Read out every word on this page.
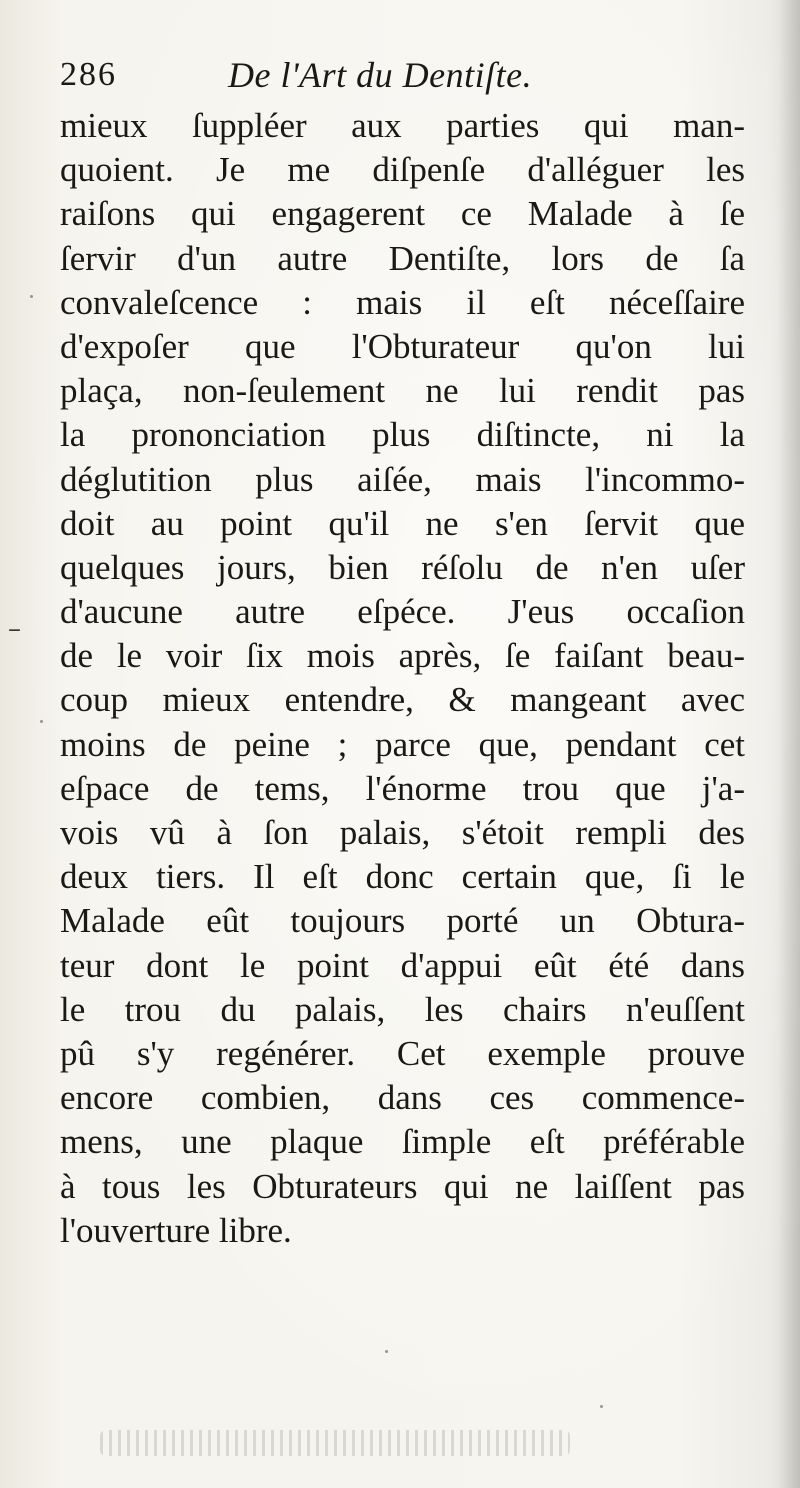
286	De l'Art du Dentiſte.
–
mieux ſuppléer aux parties qui man-
quoient. Je me diſpenſe d'alléguer les
raiſons qui engagerent ce Malade à ſe
ſervir d'un autre Dentiſte, lors de ſa
convaleſcence : mais il eſt néceſſaire
d'expoſer que l'Obturateur qu'on lui
plaça, non-ſeulement ne lui rendit pas
la prononciation plus diſtincte, ni la
déglutition plus aiſée, mais l'incommo-
doit au point qu'il ne s'en ſervit que
quelques jours, bien réſolu de n'en uſer
d'aucune autre eſpéce. J'eus occaſion
de le voir ſix mois après, ſe faiſant beau-
coup mieux entendre, & mangeant avec
moins de peine ; parce que, pendant cet
eſpace de tems, l'énorme trou que j'a-
vois vû à ſon palais, s'étoit rempli des
deux tiers. Il eſt donc certain que, ſi le
Malade eût toujours porté un Obtura-
teur dont le point d'appui eût été dans
le trou du palais, les chairs n'euſſent
pû s'y regénérer. Cet exemple prouve
encore combien, dans ces commence-
mens, une plaque ſimple eſt préférable
à tous les Obturateurs qui ne laiſſent pas
l'ouverture libre.
